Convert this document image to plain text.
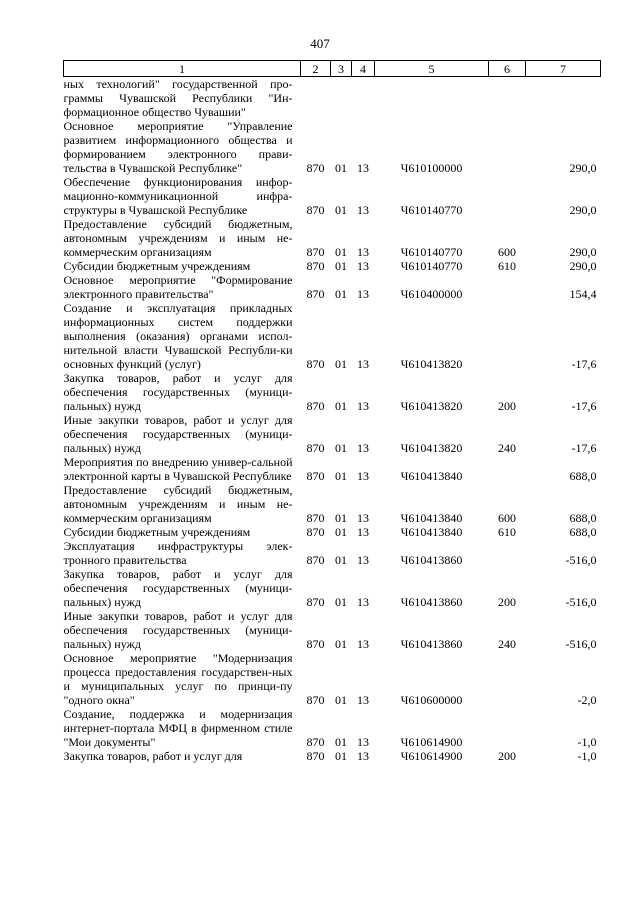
407
1	2	3	4	5	6	7
ных технологий" государственной про-граммы Чувашской Республики "Ин-формационное общество Чувашии"						
Основное мероприятие "Управление развитием информационного общества и формированием электронного прави-тельства в Чувашской Республике"	870	01	13	Ч610100000		290,0
Обеспечение функционирования инфор-мационно-коммуникационной инфра-структуры в Чувашской Республике	870	01	13	Ч610140770		290,0
Предоставление субсидий бюджетным, автономным учреждениям и иным не-коммерческим организациям	870	01	13	Ч610140770	600	290,0
Субсидии бюджетным учреждениям	870	01	13	Ч610140770	610	290,0
Основное мероприятие "Формирование электронного правительства"	870	01	13	Ч610400000		154,4
Создание и эксплуатация прикладных информационных систем поддержки выполнения (оказания) органами испол-нительной власти Чувашской Республи-ки основных функций (услуг)	870	01	13	Ч610413820		-17,6
Закупка товаров, работ и услуг для обеспечения государственных (муници-пальных) нужд	870	01	13	Ч610413820	200	-17,6
Иные закупки товаров, работ и услуг для обеспечения государственных (муници-пальных) нужд	870	01	13	Ч610413820	240	-17,6
Мероприятия по внедрению универ-сальной электронной карты в Чувашской Республике	870	01	13	Ч610413840		688,0
Предоставление субсидий бюджетным, автономным учреждениям и иным не-коммерческим организациям	870	01	13	Ч610413840	600	688,0
Субсидии бюджетным учреждениям	870	01	13	Ч610413840	610	688,0
Эксплуатация инфраструктуры элек-тронного правительства	870	01	13	Ч610413860		-516,0
Закупка товаров, работ и услуг для обеспечения государственных (муници-пальных) нужд	870	01	13	Ч610413860	200	-516,0
Иные закупки товаров, работ и услуг для обеспечения государственных (муници-пальных) нужд	870	01	13	Ч610413860	240	-516,0
Основное мероприятие "Модернизация процесса предоставления государствен-ных и муниципальных услуг по принци-пу "одного окна"	870	01	13	Ч610600000		-2,0
Создание, поддержка и модернизация интернет-портала МФЦ в фирменном стиле "Мои документы"	870	01	13	Ч610614900		-1,0
Закупка товаров, работ и услуг для	870	01	13	Ч610614900	200	-1,0
